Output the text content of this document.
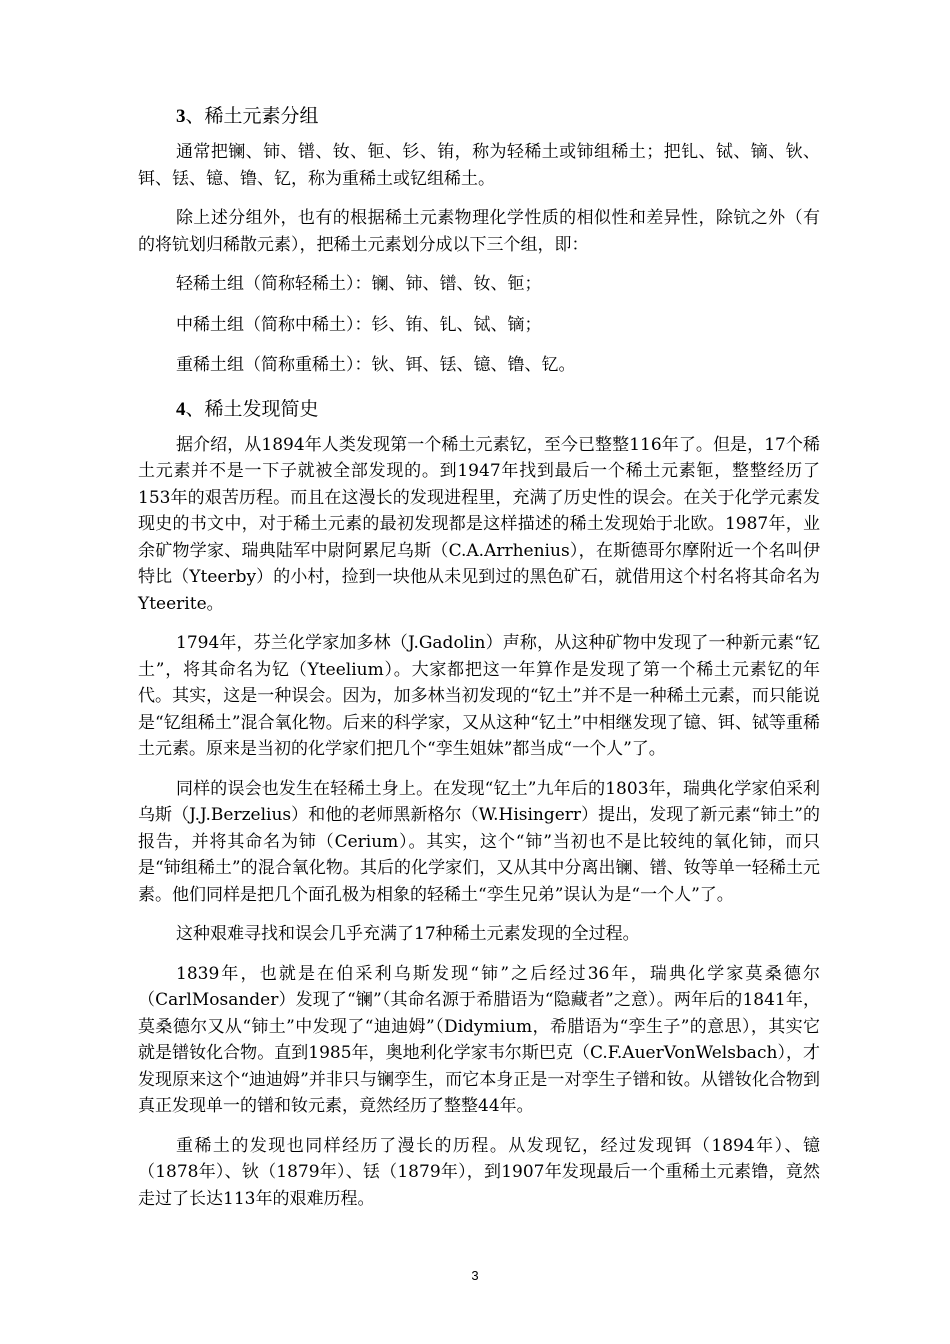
3、稀土元素分组

通常把镧、铈、镨、钕、钷、钐、铕，称为轻稀土或铈组稀土；把钆、铽、镝、钬、铒、铥、镱、镥、钇，称为重稀土或钇组稀土。

除上述分组外，也有的根据稀土元素物理化学性质的相似性和差异性，除钪之外（有的将钪划归稀散元素），把稀土元素划分成以下三个组，即：

轻稀土组（简称轻稀土）：镧、铈、镨、钕、钷；

中稀土组（简称中稀土）：钐、铕、钆、铽、镝；

重稀土组（简称重稀土）：钬、铒、铥、镱、镥、钇。

4、稀土发现简史

据介绍，从1894年人类发现第一个稀土元素钇，至今已整整116年了。但是，17个稀土元素并不是一下子就被全部发现的。到1947年找到最后一个稀土元素钷，整整经历了153年的艰苦历程。而且在这漫长的发现进程里，充满了历史性的误会。在关于化学元素发现史的书文中，对于稀土元素的最初发现都是这样描述的稀土发现始于北欧。1987年，业余矿物学家、瑞典陆军中尉阿累尼乌斯（C.A.Arrhenius），在斯德哥尔摩附近一个名叫伊特比（Yteerby）的小村，捡到一块他从未见到过的黑色矿石，就借用这个村名将其命名为Yteerite。

1794年，芬兰化学家加多林（J.Gadolin）声称，从这种矿物中发现了一种新元素“钇土”，将其命名为钇（Yteelium）。大家都把这一年算作是发现了第一个稀土元素钇的年代。其实，这是一种误会。因为，加多林当初发现的“钇土”并不是一种稀土元素，而只能说是“钇组稀土”混合氧化物。后来的科学家，又从这种“钇土”中相继发现了镱、铒、铽等重稀土元素。原来是当初的化学家们把几个“孪生姐妹”都当成“一个人”了。

同样的误会也发生在轻稀土身上。在发现“钇土”九年后的1803年，瑞典化学家伯采利乌斯（J.J.Berzelius）和他的老师黑新格尔（W.Hisingerr）提出，发现了新元素“铈土”的报告，并将其命名为铈（Cerium）。其实，这个“铈”当初也不是比较纯的氧化铈，而只是“铈组稀土”的混合氧化物。其后的化学家们，又从其中分离出镧、镨、钕等单一轻稀土元素。他们同样是把几个面孔极为相象的轻稀土“孪生兄弟”误认为是“一个人”了。

这种艰难寻找和误会几乎充满了17种稀土元素发现的全过程。

1839年，也就是在伯采利乌斯发现“铈”之后经过36年，瑞典化学家莫桑德尔（CarlMosander）发现了“镧”（其命名源于希腊语为“隐藏者”之意）。两年后的1841年，莫桑德尔又从“铈土”中发现了“迪迪姆”（Didymium，希腊语为“孪生子”的意思），其实它就是镨钕化合物。直到1985年，奥地利化学家韦尔斯巴克（C.F.AuerVonWelsbach），才发现原来这个“迪迪姆”并非只与镧孪生，而它本身正是一对孪生子镨和钕。从镨钕化合物到真正发现单一的镨和钕元素，竟然经历了整整44年。

重稀土的发现也同样经历了漫长的历程。从发现钇，经过发现铒（1894年）、镱（1878年）、钬（1879年）、铥（1879年），到1907年发现最后一个重稀土元素镥，竟然走过了长达113年的艰难历程。

3
